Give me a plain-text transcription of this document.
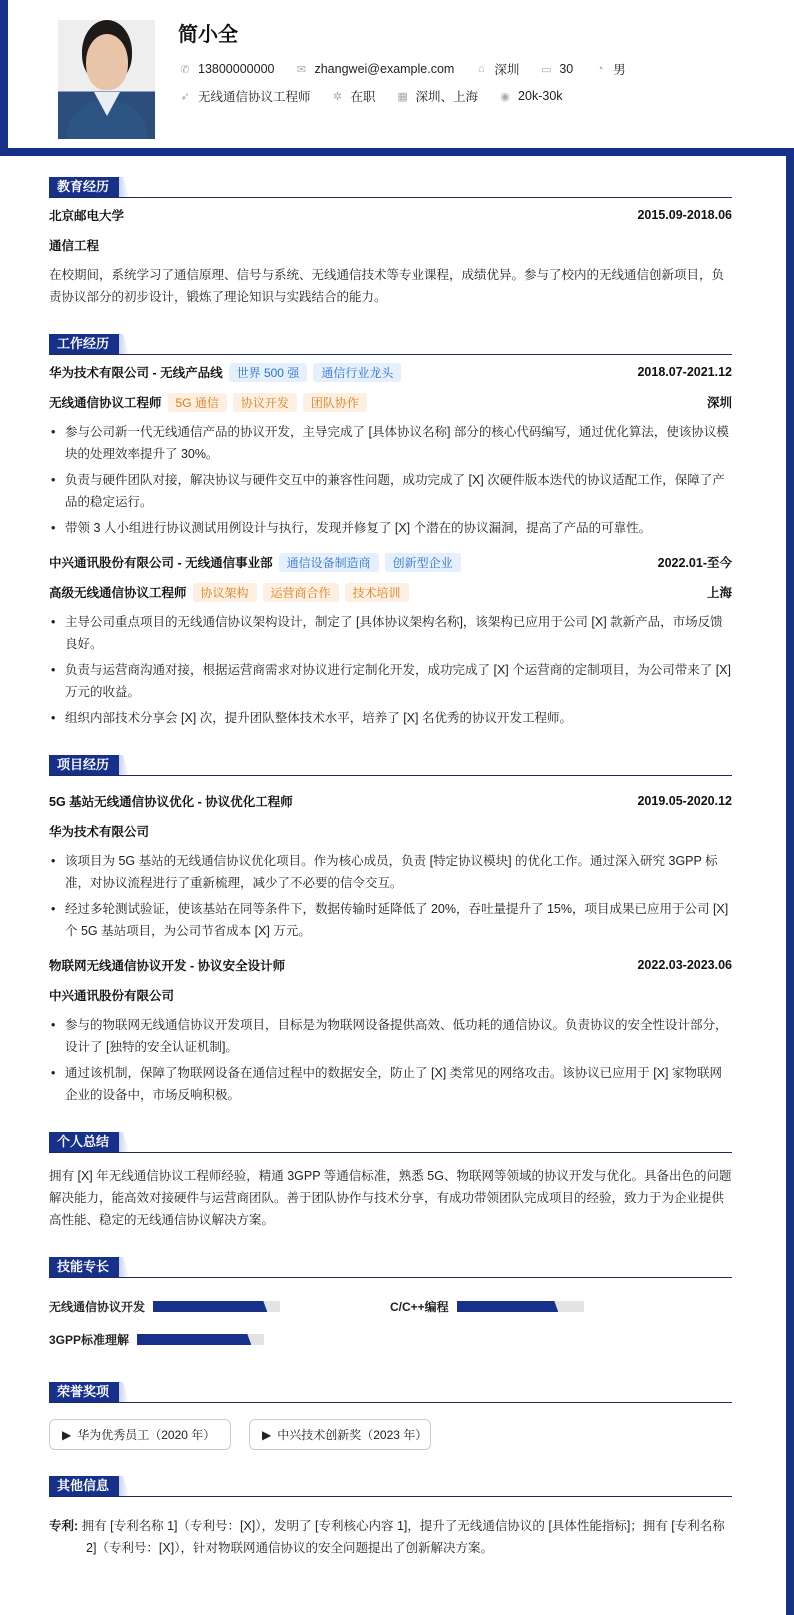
简小全
✆ 13800000000 ✉ zhangwei@example.com	⌂ 深圳 ▭ 30	◔ 男
➶ 无线通信协议工程师 ✲ 在职 ▦ 深圳、上海 ◉ 20k-30k
教育经历
北京邮电大学	2015.09-2018.06
通信工程
在校期间，系统学习了通信原理、信号与系统、无线通信技术等专业课程，成绩优异。参与了校内的无线通信创新项目，负责协议部分的初步设计，锻炼了理论知识与实践结合的能力。
工作经历
华为技术有限公司 - 无线产品线	世界 500 强	通信行业龙头	2018.07-2021.12
无线通信协议工程师	5G 通信	协议开发	团队协作	深圳
• 参与公司新一代无线通信产品的协议开发，主导完成了 [具体协议名称] 部分的核心代码编写，通过优化算法，使该协议模块的处理效率提升了 30%。
• 负责与硬件团队对接，解决协议与硬件交互中的兼容性问题，成功完成了 [X] 次硬件版本迭代的协议适配工作，保障了产品的稳定运行。
• 带领 3 人小组进行协议测试用例设计与执行，发现并修复了 [X] 个潜在的协议漏洞，提高了产品的可靠性。
中兴通讯股份有限公司 - 无线通信事业部	通信设备制造商	创新型企业	2022.01-至今
高级无线通信协议工程师	协议架构	运营商合作	技术培训	上海
• 主导公司重点项目的无线通信协议架构设计，制定了 [具体协议架构名称]，该架构已应用于公司 [X] 款新产品，市场反馈良好。
• 负责与运营商沟通对接，根据运营商需求对协议进行定制化开发，成功完成了 [X] 个运营商的定制项目，为公司带来了 [X] 万元的收益。
• 组织内部技术分享会 [X] 次，提升团队整体技术水平，培养了 [X] 名优秀的协议开发工程师。
项目经历
5G 基站无线通信协议优化 - 协议优化工程师	2019.05-2020.12
华为技术有限公司
• 该项目为 5G 基站的无线通信协议优化项目。作为核心成员，负责 [特定协议模块] 的优化工作。通过深入研究 3GPP 标准，对协议流程进行了重新梳理，减少了不必要的信令交互。
• 经过多轮测试验证，使该基站在同等条件下，数据传输时延降低了 20%，吞吐量提升了 15%，项目成果已应用于公司 [X] 个 5G 基站项目，为公司节省成本 [X] 万元。
物联网无线通信协议开发 - 协议安全设计师	2022.03-2023.06
中兴通讯股份有限公司
• 参与的物联网无线通信协议开发项目，目标是为物联网设备提供高效、低功耗的通信协议。负责协议的安全性设计部分，设计了 [独特的安全认证机制]。
• 通过该机制，保障了物联网设备在通信过程中的数据安全，防止了 [X] 类常见的网络攻击。该协议已应用于 [X] 家物联网企业的设备中，市场反响积极。
个人总结
拥有 [X] 年无线通信协议工程师经验，精通 3GPP 等通信标准，熟悉 5G、物联网等领域的协议开发与优化。具备出色的问题解决能力，能高效对接硬件与运营商团队。善于团队协作与技术分享，有成功带领团队完成项目的经验，致力于为企业提供高性能、稳定的无线通信协议解决方案。
技能专长
无线通信协议开发	C/C++编程
3GPP标准理解
荣誉奖项
▶ 华为优秀员工（2020 年）	▶ 中兴技术创新奖（2023 年）
其他信息
专利: 拥有 [专利名称 1]（专利号：[X]），发明了 [专利核心内容 1]，提升了无线通信协议的 [具体性能指标]；拥有 [专利名称 2]（专利号：[X]），针对物联网通信协议的安全问题提出了创新解决方案。
